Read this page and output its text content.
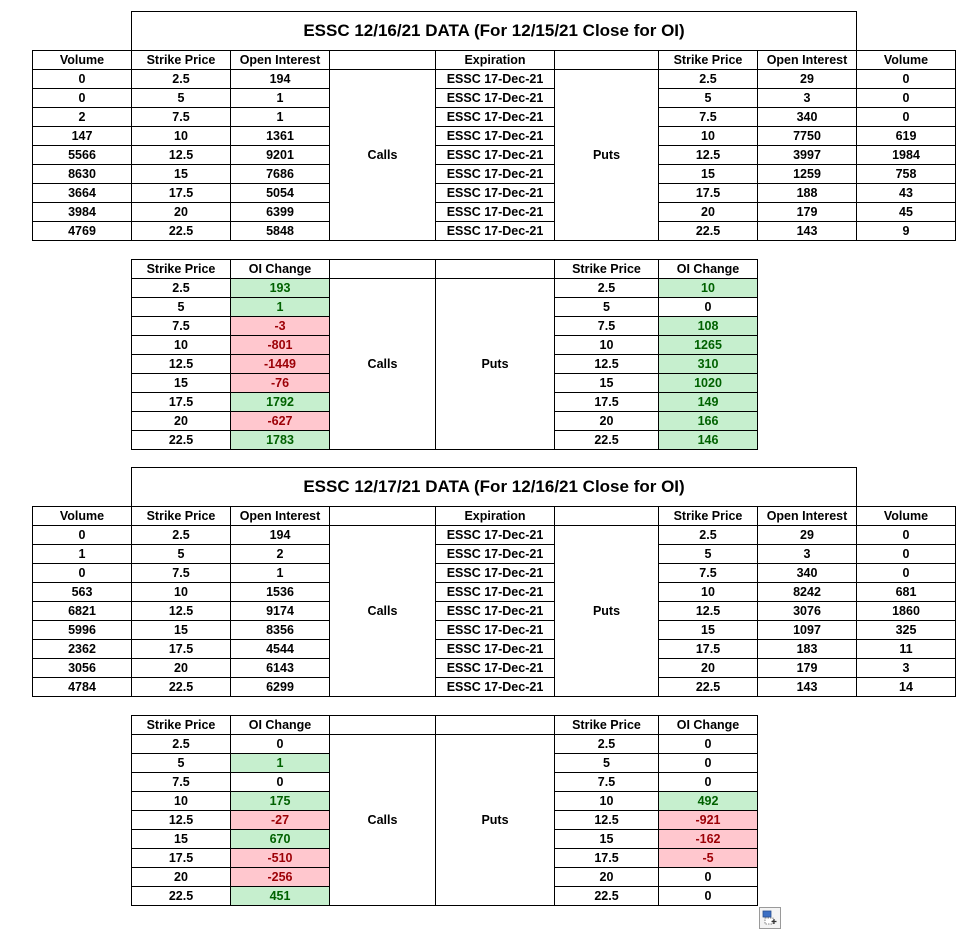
ESSC 12/16/21 DATA (For 12/15/21 Close for OI)
Volume	Strike Price	Open Interest		Expiration		Strike Price	Open Interest	Volume
0	2.5	194	Calls	ESSC 17-Dec-21	Puts	2.5	29	0
0	5	1		ESSC 17-Dec-21		5	3	0
2	7.5	1		ESSC 17-Dec-21		7.5	340	0
147	10	1361		ESSC 17-Dec-21		10	7750	619
5566	12.5	9201		ESSC 17-Dec-21		12.5	3997	1984
8630	15	7686		ESSC 17-Dec-21		15	1259	758
3664	17.5	5054		ESSC 17-Dec-21		17.5	188	43
3984	20	6399		ESSC 17-Dec-21		20	179	45
4769	22.5	5848		ESSC 17-Dec-21		22.5	143	9
Strike Price	OI Change			Strike Price	OI Change
2.5	193	Calls	Puts	2.5	10
5	1			5	0
7.5	-3			7.5	108
10	-801			10	1265
12.5	-1449			12.5	310
15	-76			15	1020
17.5	1792			17.5	149
20	-627			20	166
22.5	1783			22.5	146
ESSC 12/17/21 DATA (For 12/16/21 Close for OI)
Volume	Strike Price	Open Interest		Expiration		Strike Price	Open Interest	Volume
0	2.5	194	Calls	ESSC 17-Dec-21	Puts	2.5	29	0
1	5	2		ESSC 17-Dec-21		5	3	0
0	7.5	1		ESSC 17-Dec-21		7.5	340	0
563	10	1536		ESSC 17-Dec-21		10	8242	681
6821	12.5	9174		ESSC 17-Dec-21		12.5	3076	1860
5996	15	8356		ESSC 17-Dec-21		15	1097	325
2362	17.5	4544		ESSC 17-Dec-21		17.5	183	11
3056	20	6143		ESSC 17-Dec-21		20	179	3
4784	22.5	6299		ESSC 17-Dec-21		22.5	143	14
Strike Price	OI Change			Strike Price	OI Change
2.5	0	Calls	Puts	2.5	0
5	1			5	0
7.5	0			7.5	0
10	175			10	492
12.5	-27			12.5	-921
15	670			15	-162
17.5	-510			17.5	-5
20	-256			20	0
22.5	451			22.5	0
